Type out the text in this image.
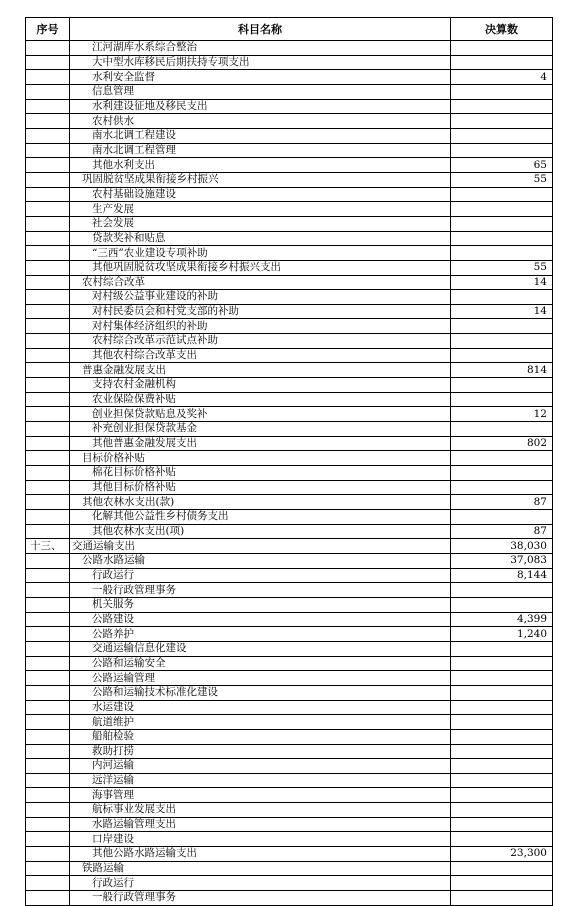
序号	科目名称	决算数
	江河湖库水系综合整治	
	大中型水库移民后期扶持专项支出	
	水利安全监督	4
	信息管理	
	水利建设征地及移民支出	
	农村供水	
	南水北调工程建设	
	南水北调工程管理	
	其他水利支出	65
	巩固脱贫坚成果衔接乡村振兴	55
	农村基础设施建设	
	生产发展	
	社会发展	
	贷款奖补和贴息	
	“三西”农业建设专项补助	
	其他巩固脱贫攻坚成果衔接乡村振兴支出	55
	农村综合改革	14
	对村级公益事业建设的补助	
	对村民委员会和村党支部的补助	14
	对村集体经济组织的补助	
	农村综合改革示范试点补助	
	其他农村综合改革支出	
	普惠金融发展支出	814
	支持农村金融机构	
	农业保险保费补贴	
	创业担保贷款贴息及奖补	12
	补充创业担保贷款基金	
	其他普惠金融发展支出	802
	目标价格补贴	
	棉花目标价格补贴	
	其他目标价格补贴	
	其他农林水支出(款)	87
	化解其他公益性乡村债务支出	
	其他农林水支出(项)	87
十三、	交通运输支出	38,030
	公路水路运输	37,083
	行政运行	8,144
	一般行政管理事务	
	机关服务	
	公路建设	4,399
	公路养护	1,240
	交通运输信息化建设	
	公路和运输安全	
	公路运输管理	
	公路和运输技术标准化建设	
	水运建设	
	航道维护	
	船舶检验	
	救助打捞	
	内河运输	
	远洋运输	
	海事管理	
	航标事业发展支出	
	水路运输管理支出	
	口岸建设	
	其他公路水路运输支出	23,300
	铁路运输	
	行政运行	
	一般行政管理事务	
